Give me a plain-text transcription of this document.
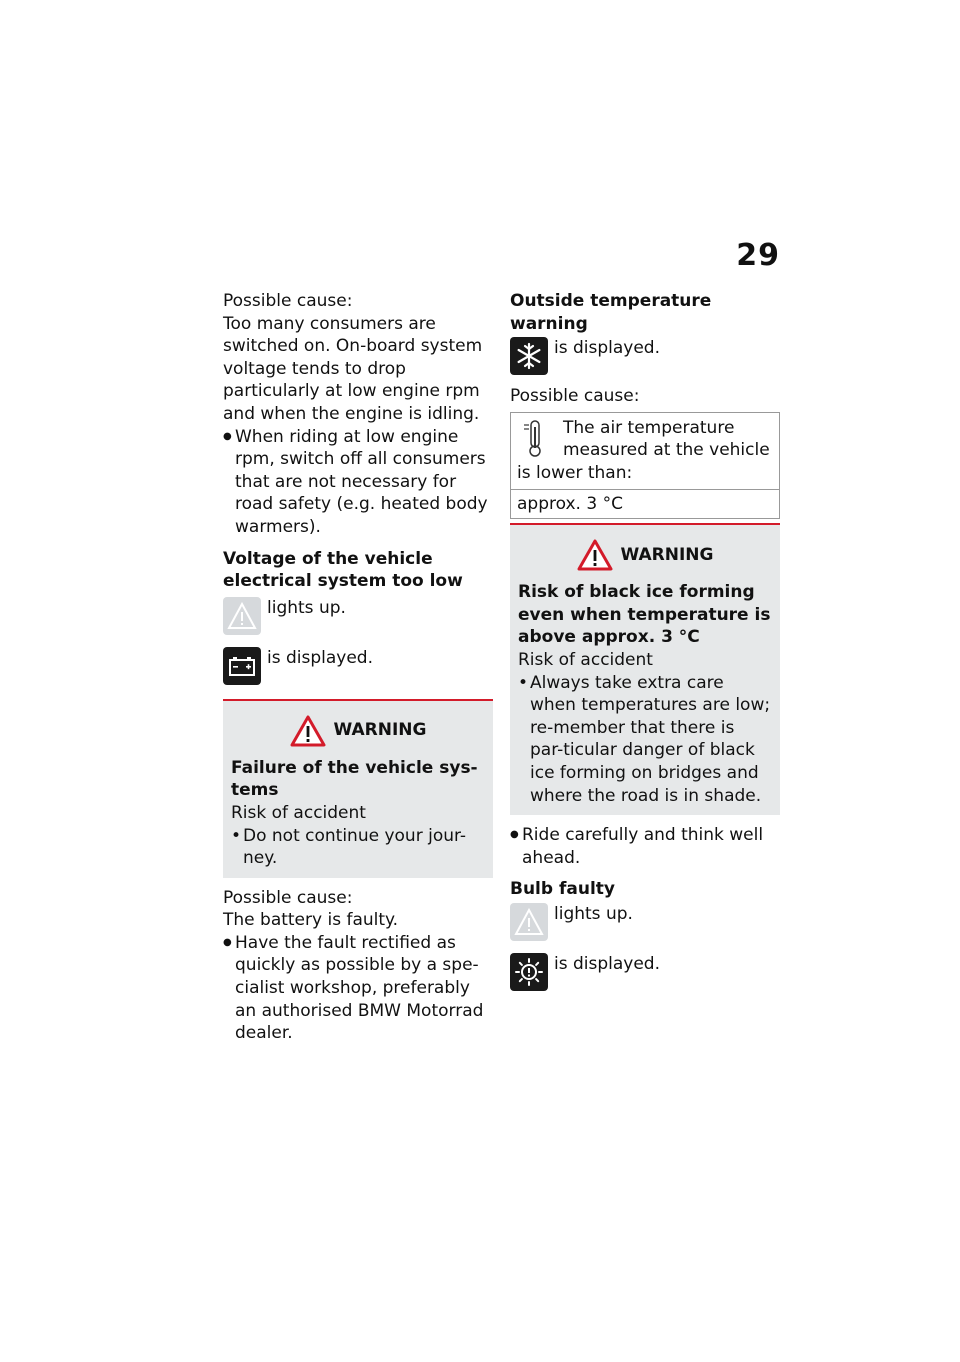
29

Possible cause:

Too many consumers are switched on. On-board system voltage tends to drop particularly at low engine rpm and when the engine is idling.

● When riding at low engine rpm, switch off all consumers that are not necessary for road safety (e.g. heated body warmers).

Voltage of the vehicle electrical system too low

lights up.
is displayed.
WARNING

Failure of the vehicle sys-tems

Risk of accident

• Do not continue your jour-ney.

Possible cause:

The battery is faulty.

● Have the fault rectified as quickly as possible by a spe-cialist workshop, preferably an authorised BMW Motorrad dealer.

Outside temperature warning

is displayed.

Possible cause:

The air temperature measured at the vehicle is lower than:
approx. 3 °C
WARNING

Risk of black ice forming even when temperature is above approx. 3 °C

Risk of accident

• Always take extra care when temperatures are low; re-member that there is par-ticular danger of black ice forming on bridges and where the road is in shade.

● Ride carefully and think well ahead.

Bulb faulty

lights up.
is displayed.
